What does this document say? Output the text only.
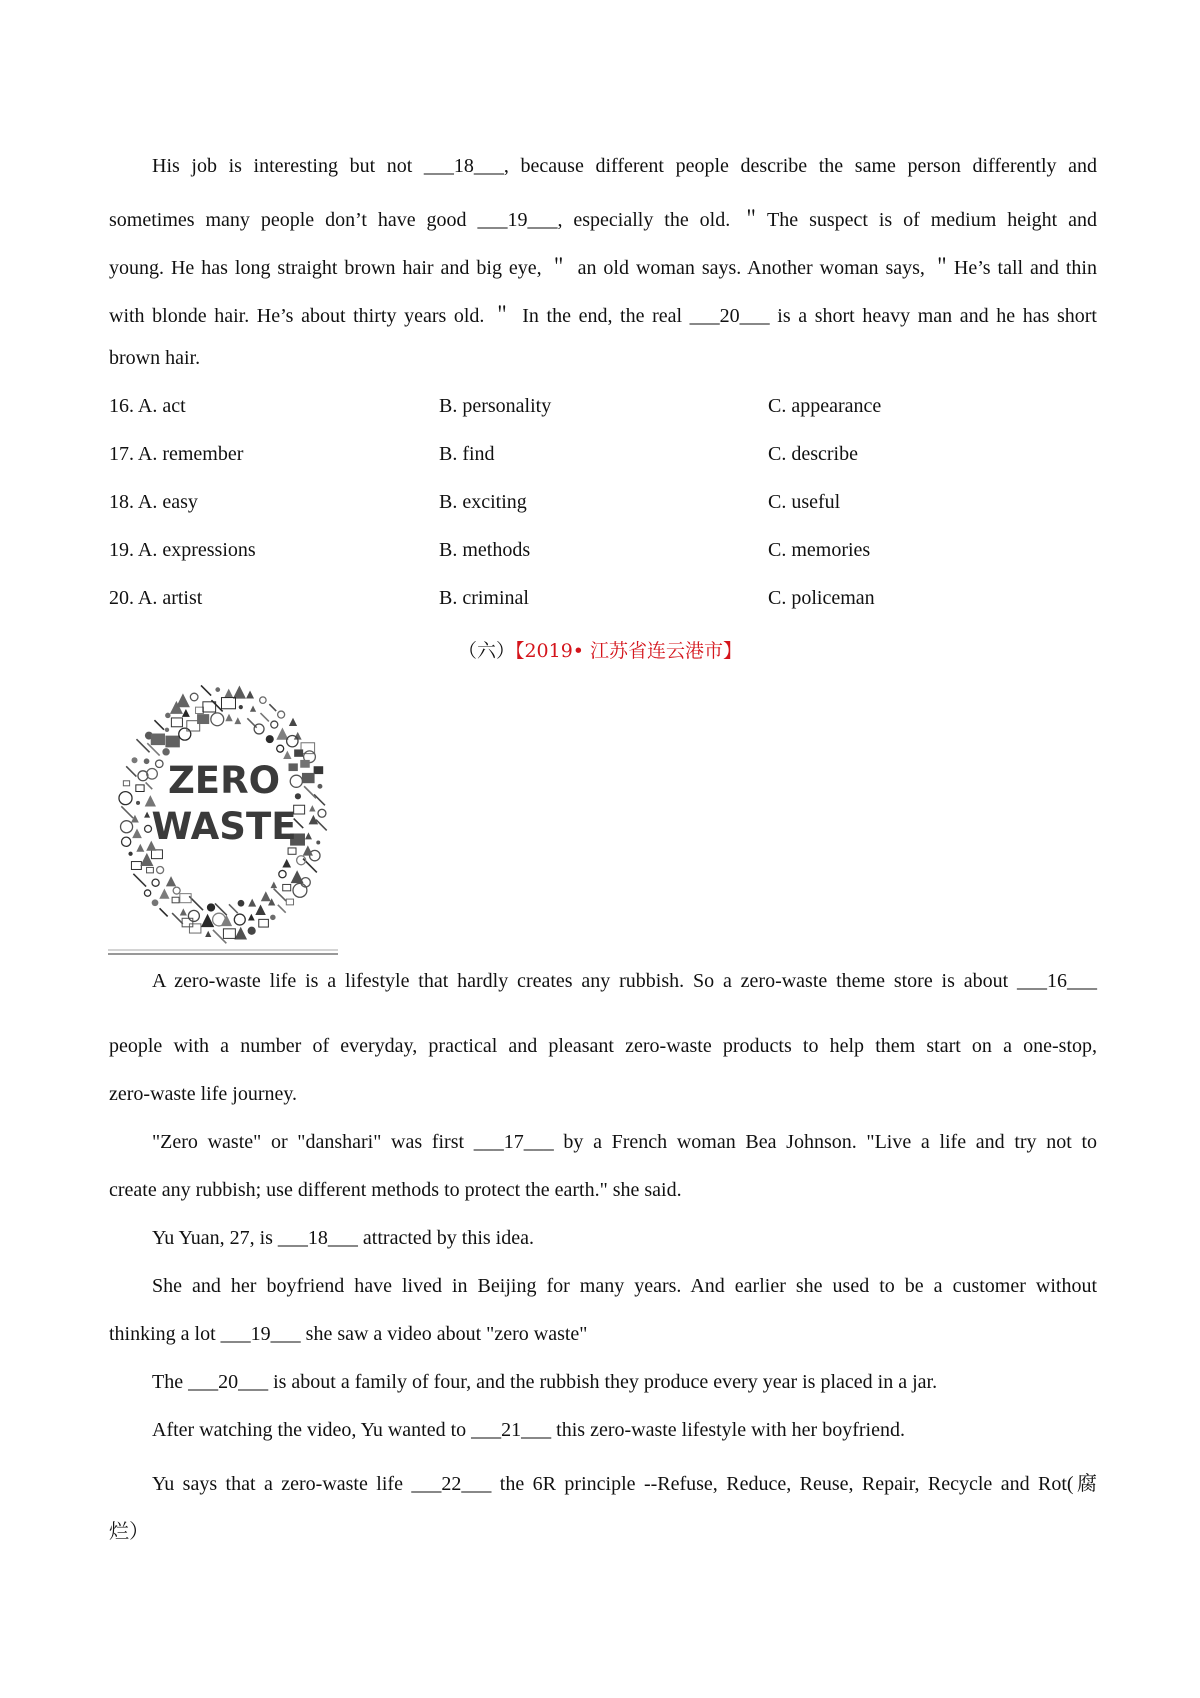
His job is interesting but not ___18___, because different people describe the same person differently and
sometimes many people don’t have good ___19___, especially the old. ＂The suspect is of medium height and
young. He has long straight brown hair and big eye, ＂ an old woman says. Another woman says, ＂He’s tall and thin
with blonde hair. He’s about thirty years old. ＂ In the end, the real ___20___ is a short heavy man and he has short
brown hair.
16. A. act	B. personality	C. appearance
17. A. remember	B. find	C. describe
18. A. easy	B. exciting	C. useful
19. A. expressions	B. methods	C. memories
20. A. artist	B. criminal	C. policeman
（六）【2019• 江苏省连云港市】
ZERO
WASTE
A zero-waste life is a lifestyle that hardly creates any rubbish. So a zero-waste theme store is about ___16___
people with a number of everyday, practical and pleasant zero-waste products to help them start on a one-stop,
zero-waste life journey.
"Zero waste" or "danshari" was first ___17___ by a French woman Bea Johnson. "Live a life and try not to
create any rubbish; use different methods to protect the earth." she said.
Yu Yuan, 27, is ___18___ attracted by this idea.
She and her boyfriend have lived in Beijing for many years. And earlier she used to be a customer without
thinking a lot ___19___ she saw a video about "zero waste"
The ___20___ is about a family of four, and the rubbish they produce every year is placed in a jar.
After watching the video, Yu wanted to ___21___ this zero-waste lifestyle with her boyfriend.
Yu says that a zero-waste life ___22___ the 6R principle --Refuse, Reduce, Reuse, Repair, Recycle and Rot(腐
烂）
